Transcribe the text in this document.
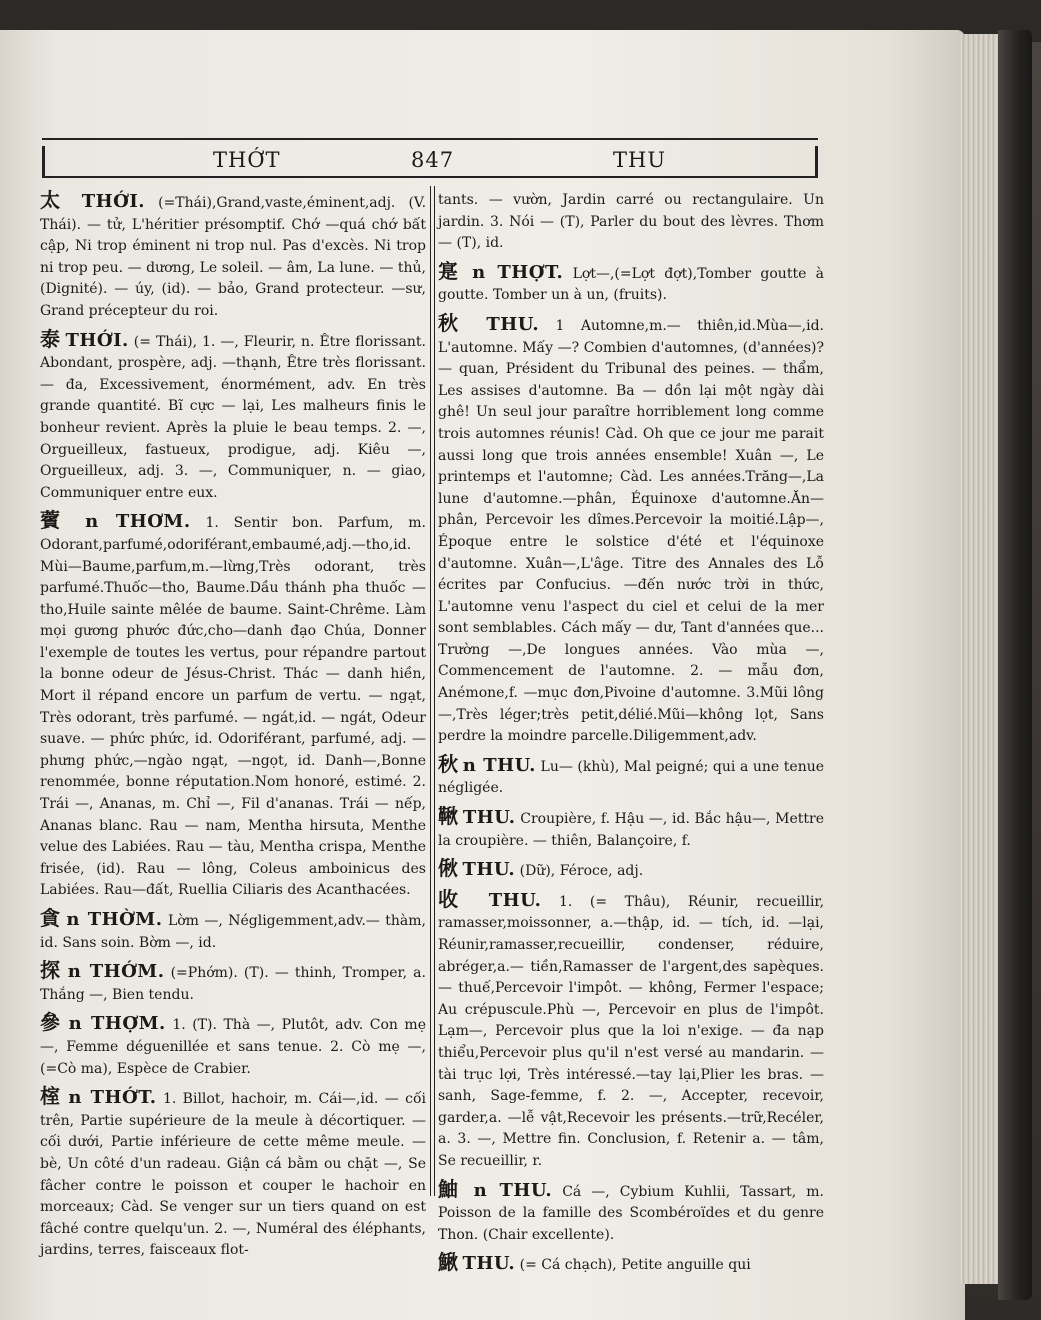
THỚT	847	THU

太 THỚI. (=Thái),Grand,vaste,éminent,adj. (V. Thái). — tử, L'héritier présomptif. Chớ —quá chớ bất cập, Ni trop éminent ni trop nul. Pas d'excès. Ni trop ni trop peu. — dương, Le soleil. — âm, La lune. — thủ, (Dignité). — úy, (id). — bảo, Grand protecteur. —sư, Grand précepteur du roi.

泰 THỚI. (= Thái), 1. —, Fleurir, n. Être florissant. Abondant, prospère, adj. —thạnh, Être très florissant. — đa, Excessivement, énormément, adv. En très grande quantité. Bĩ cực — lại, Les malheurs finis le bonheur revient. Après la pluie le beau temps. 2. —, Orgueilleux, fastueux, prodigue, adj. Kiêu —, Orgueilleux, adj. 3. —, Communiquer, n. — giao, Communiquer entre eux.

薲 n THƠM. 1. Sentir bon. Parfum, m. Odorant,parfumé,odoriférant,embaumé,adj.—tho,id. Mùi—Baume,parfum,m.—lừng,Très odorant, très parfumé.Thuốc—tho, Baume.Dầu thánh pha thuốc —tho,Huile sainte mêlée de baume. Saint-Chrême. Làm mọi gương phước đức,cho—danh đạo Chúa, Donner l'exemple de toutes les vertus, pour répandre partout la bonne odeur de Jésus-Christ. Thác — danh hiền, Mort il répand encore un parfum de vertu. — ngạt, Très odorant, très parfumé. — ngát,id. — ngát, Odeur suave. — phức phức, id. Odoriférant, parfumé, adj. —phưng phức,—ngào ngạt, —ngọt, id. Danh—,Bonne renommée, bonne réputation.Nom honoré, estimé. 2. Trái —, Ananas, m. Chỉ —, Fil d'ananas. Trái — nếp, Ananas blanc. Rau — nam, Mentha hirsuta, Menthe velue des Labiées. Rau — tàu, Mentha crispa, Menthe frisée, (id). Rau — lông, Coleus amboinicus des Labiées. Rau—đất, Ruellia Ciliaris des Acanthacées.

貪 n THỜM. Lờm —, Négligemment,adv.— thàm, id. Sans soin. Bờm —, id.

探 n THỚM. (=Phớm). (T). — thinh, Tromper, a. Thắng —, Bien tendu.

參 n THỢM. 1. (T). Thà —, Plutôt, adv. Con mẹ —, Femme déguenillée et sans tenue. 2. Cò mẹ —, (=Cò ma), Espèce de Crabier.

榁 n THỚT. 1. Billot, hachoir, m. Cái—,id. — cối trên, Partie supérieure de la meule à décortiquer. — cối dưới, Partie inférieure de cette même meule. — bè, Un côté d'un radeau. Giận cá bằm ou chặt —, Se fâcher contre le poisson et couper le hachoir en morceaux; Càd. Se venger sur un tiers quand on est fâché contre quelqu'un. 2. —, Numéral des éléphants, jardins, terres, faisceaux flot-

tants. — vườn, Jardin carré ou rectangulaire. Un jardin. 3. Nói — (T), Parler du bout des lèvres. Thơm — (T), id.

寔 n THỢT. Lợt—,(=Lợt đợt),Tomber goutte à goutte. Tomber un à un, (fruits).

秋 THU. 1 Automne,m.— thiên,id.Mùa—,id. L'automne. Mấy —? Combien d'automnes, (d'années)? — quan, Président du Tribunal des peines. — thẩm, Les assises d'automne. Ba — dồn lại một ngày dài ghê! Un seul jour paraître horriblement long comme trois automnes réunis! Càd. Oh que ce jour me parait aussi long que trois années ensemble! Xuân —, Le printemps et l'automne; Càd. Les années.Trăng—,La lune d'automne.—phân, Équinoxe d'automne.Ăn—phân, Percevoir les dîmes.Percevoir la moitié.Lập—, Époque entre le solstice d'été et l'équinoxe d'automne. Xuân—,L'âge. Titre des Annales des Lỗ écrites par Confucius. —đến nước trời in thức, L'automne venu l'aspect du ciel et celui de la mer sont semblables. Cách mấy — dư, Tant d'années que... Trường —,De longues années. Vào mùa —, Commencement de l'automne. 2. — mẫu đơn, Anémone,f. —mục đơn,Pivoine d'automne. 3.Mũi lông—,Très léger;très petit,délié.Mũi—không lọt, Sans perdre la moindre parcelle.Diligemment,adv.

秋 n THU. Lu— (khù), Mal peigné; qui a une tenue négligée.

鞦 THU. Croupière, f. Hậu —, id. Bắc hậu—, Mettre la croupière. — thiên, Balançoire, f.

偢 THU. (Dữ), Féroce, adj.

收 THU. 1. (= Thâu), Réunir, recueillir, ramasser,moissonner, a.—thập, id. — tích, id. —lại, Réunir,ramasser,recueillir, condenser, réduire, abréger,a.— tiền,Ramasser de l'argent,des sapèques.— thuế,Percevoir l'impôt. — không, Fermer l'espace; Au crépuscule.Phù —, Percevoir en plus de l'impôt. Lạm—, Percevoir plus que la loi n'exige. — đa nạp thiểu,Percevoir plus qu'il n'est versé au mandarin. —tài trục lợi, Très intéressé.—tay lại,Plier les bras. — sanh, Sage-femme, f. 2. —, Accepter, recevoir, garder,a. —lễ vật,Recevoir les présents.—trữ,Recéler, a. 3. —, Mettre fin. Conclusion, f. Retenir a. — tâm, Se recueillir, r.

鮋 n THU. Cá —, Cybium Kuhlii, Tassart, m. Poisson de la famille des Scombéroïdes et du genre Thon. (Chair excellente).

鰍 THU. (= Cá chạch), Petite anguille qui
